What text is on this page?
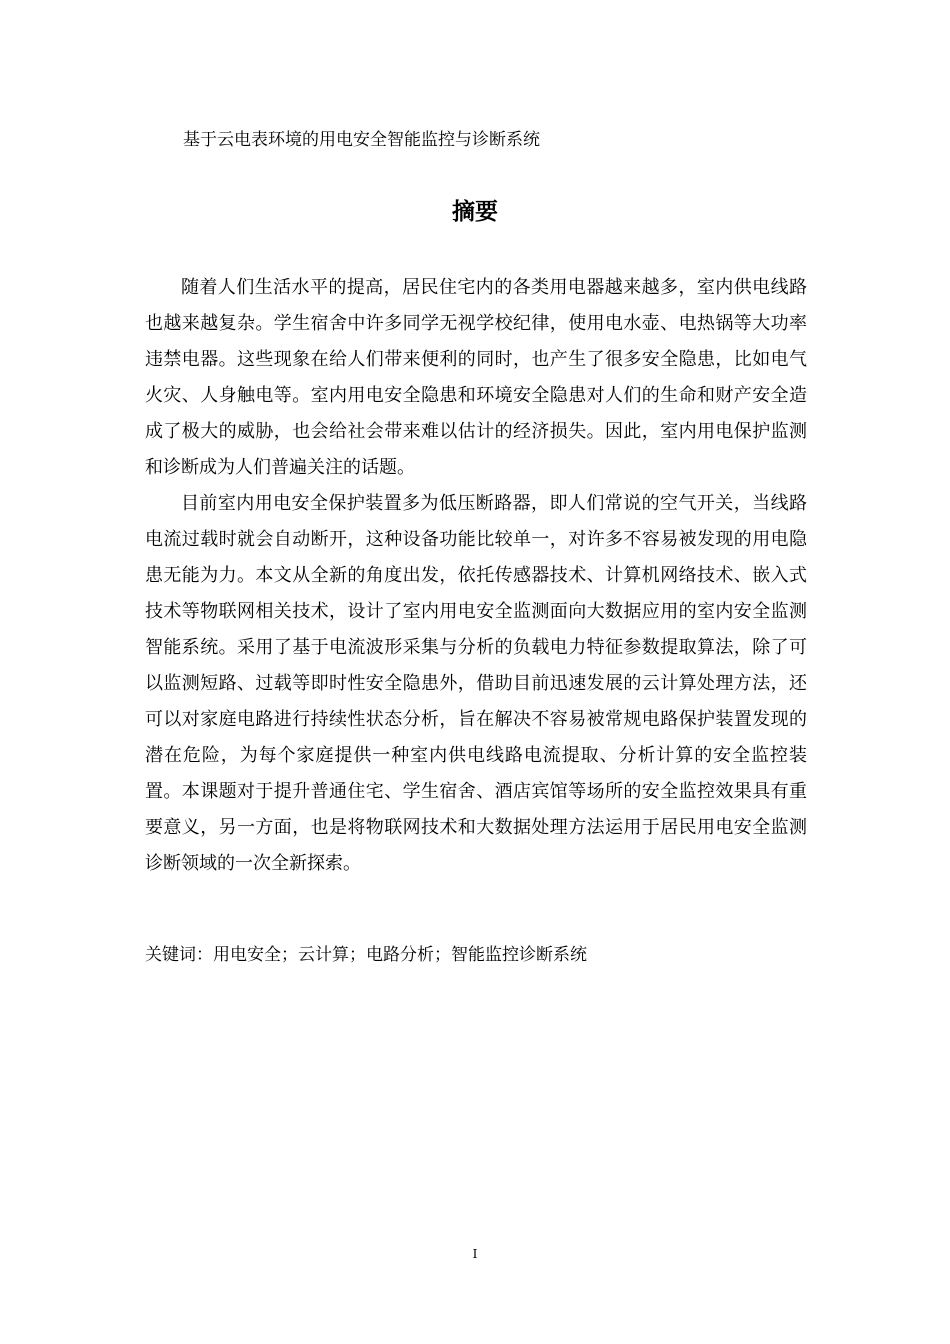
基于云电表环境的用电安全智能监控与诊断系统
摘要

随着人们生活水平的提高，居民住宅内的各类用电器越来越多，室内供电线路也越来越复杂。学生宿舍中许多同学无视学校纪律，使用电水壶、电热锅等大功率违禁电器。这些现象在给人们带来便利的同时，也产生了很多安全隐患，比如电气火灾、人身触电等。室内用电安全隐患和环境安全隐患对人们的生命和财产安全造成了极大的威胁，也会给社会带来难以估计的经济损失。因此，室内用电保护监测和诊断成为人们普遍关注的话题。

目前室内用电安全保护装置多为低压断路器，即人们常说的空气开关，当线路电流过载时就会自动断开，这种设备功能比较单一，对许多不容易被发现的用电隐患无能为力。本文从全新的角度出发，依托传感器技术、计算机网络技术、嵌入式技术等物联网相关技术，设计了室内用电安全监测面向大数据应用的室内安全监测智能系统。采用了基于电流波形采集与分析的负载电力特征参数提取算法，除了可以监测短路、过载等即时性安全隐患外，借助目前迅速发展的云计算处理方法，还可以对家庭电路进行持续性状态分析，旨在解决不容易被常规电路保护装置发现的潜在危险，为每个家庭提供一种室内供电线路电流提取、分析计算的安全监控装置。本课题对于提升普通住宅、学生宿舍、酒店宾馆等场所的安全监控效果具有重要意义，另一方面，也是将物联网技术和大数据处理方法运用于居民用电安全监测诊断领域的一次全新探索。

关键词：用电安全；云计算；电路分析；智能监控诊断系统
I
